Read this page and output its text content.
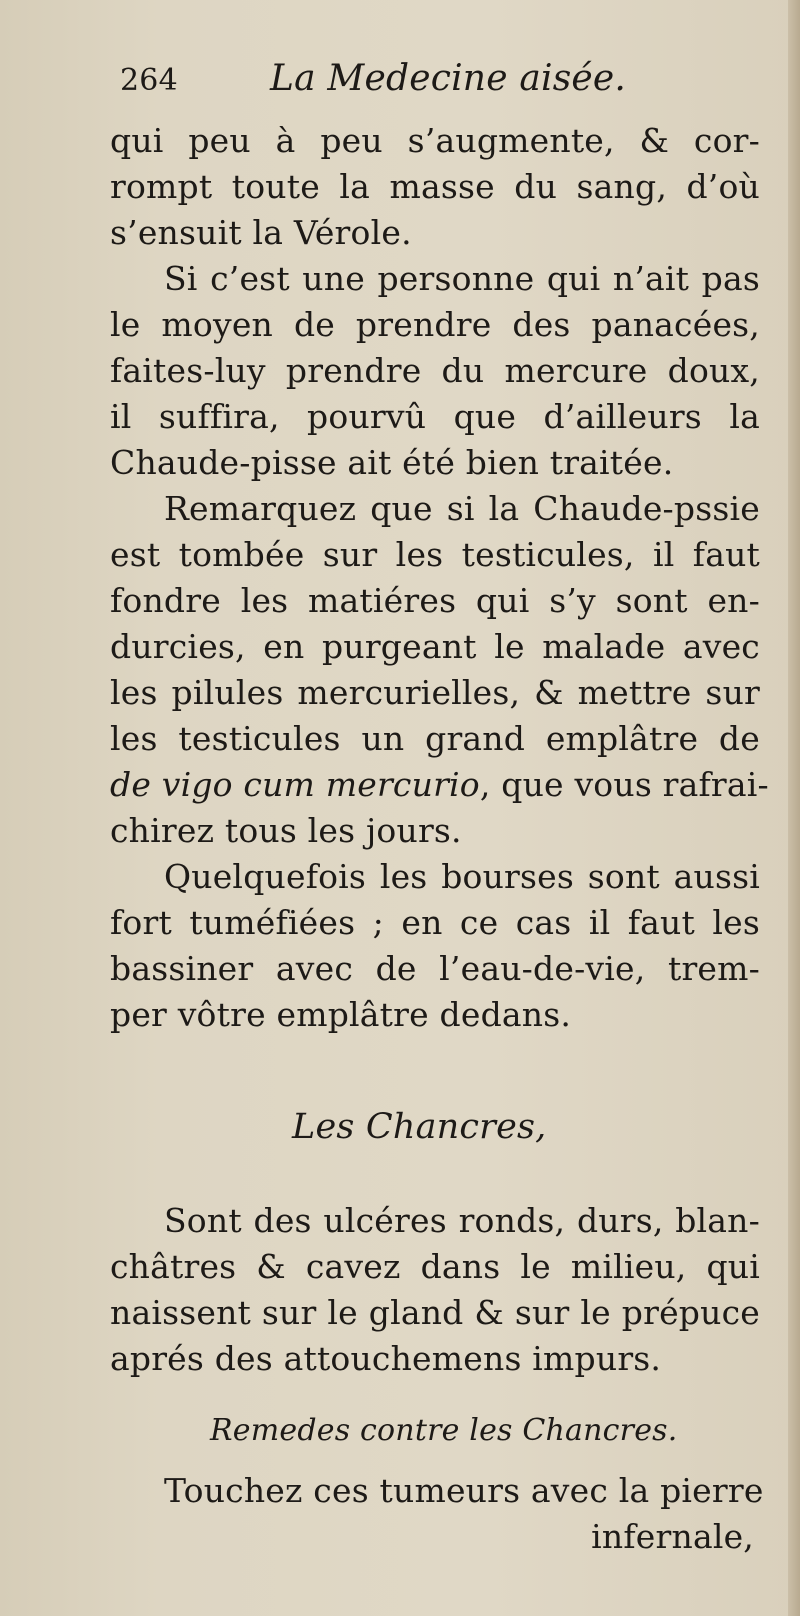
264	La Medecine aisée.
qui peu à peu s’augmente, & cor-
rompt toute la masse du sang, d’où
s’ensuit la Vérole.
Si c’est une personne qui n’ait pas
le moyen de prendre des panacées,
faites-luy prendre du mercure doux,
il suffira, pourvû que d’ailleurs la
Chaude-pisse ait été bien traitée.
Remarquez que si la Chaude-pssie
est tombée sur les testicules, il faut
fondre les matiéres qui s’y sont en-
durcies, en purgeant le malade avec
les pilules mercurielles, & mettre sur
les testicules un grand emplâtre de
de vigo cum mercurio, que vous rafrai-
chirez tous les jours.
Quelquefois les bourses sont aussi
fort tuméfiées ; en ce cas il faut les
bassiner avec de l’eau-de-vie, trem-
per vôtre emplâtre dedans.
Les Chancres,
Sont des ulcéres ronds, durs, blan-
châtres & cavez dans le milieu, qui
naissent sur le gland & sur le prépuce
aprés des attouchemens impurs.
Remedes contre les Chancres.
Touchez ces tumeurs avec la pierre
infernale,
